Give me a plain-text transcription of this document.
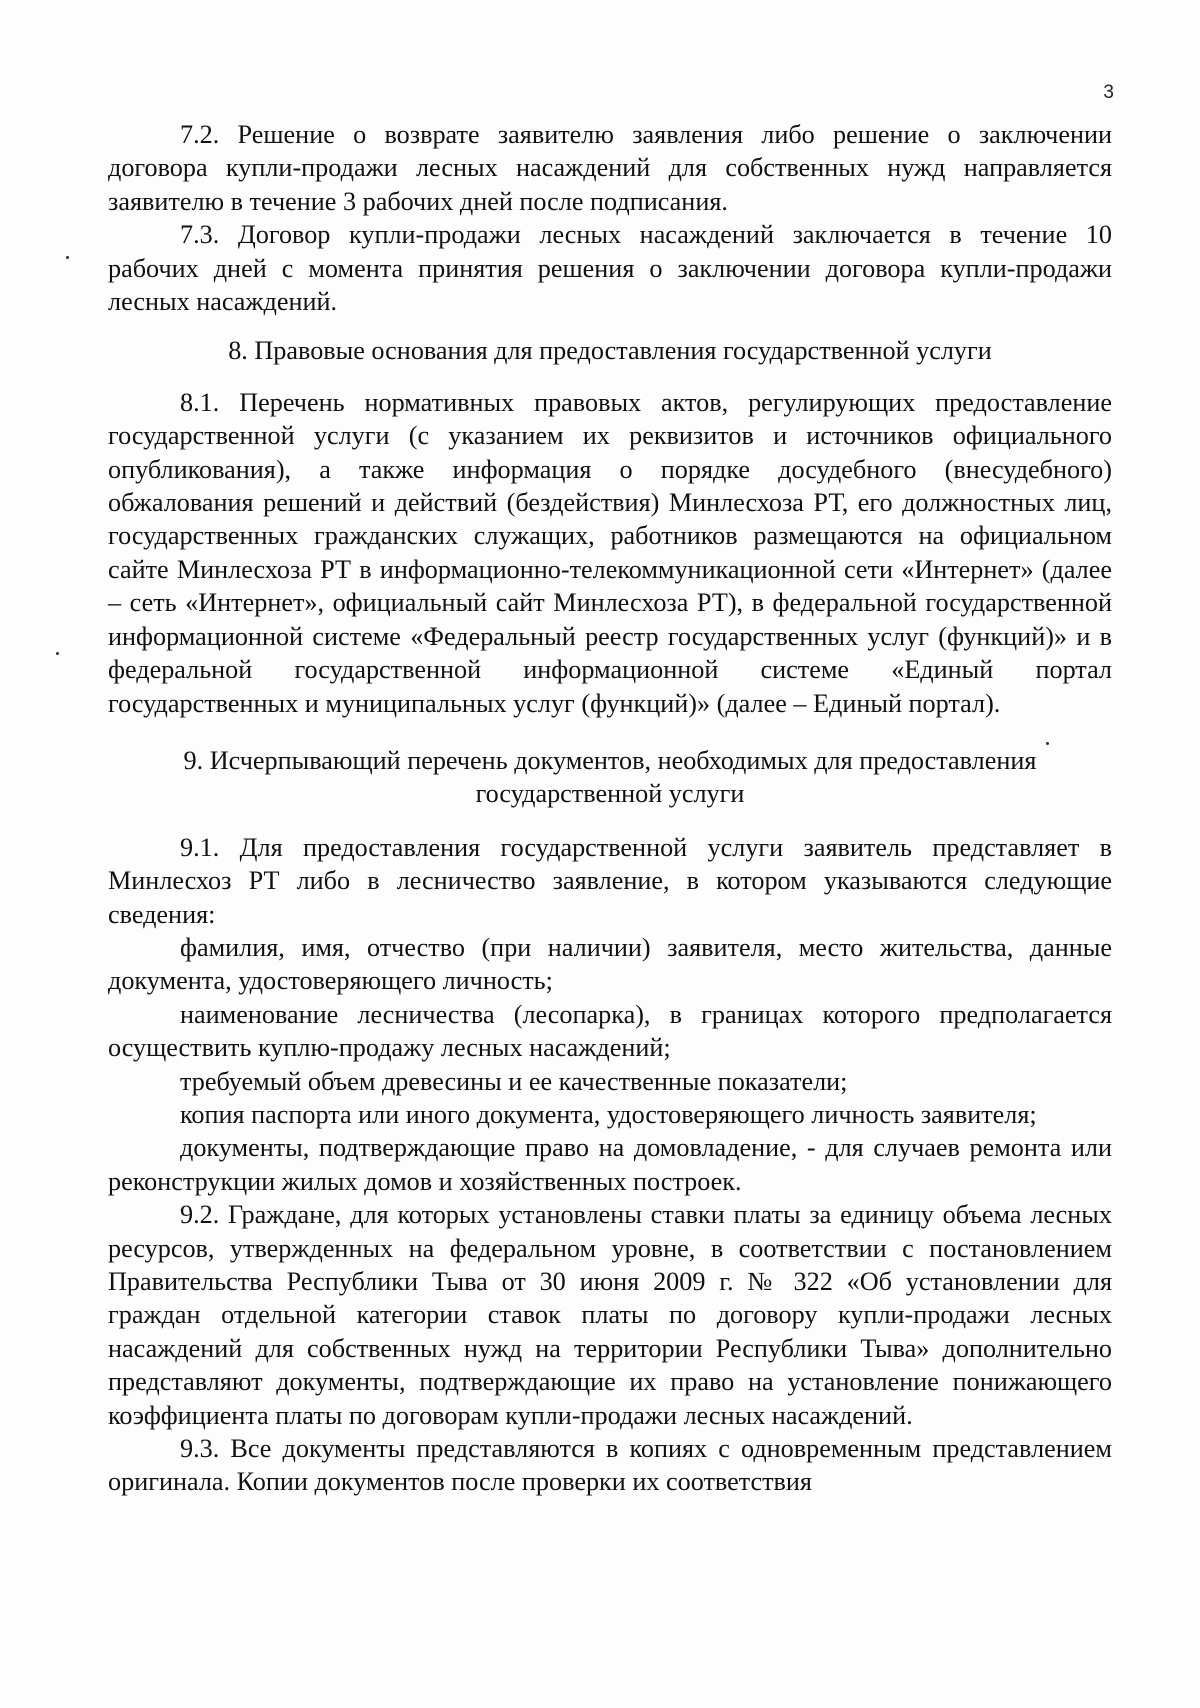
3

7.2. Решение о возврате заявителю заявления либо решение о заключении договора купли-продажи лесных насаждений для собственных нужд направляется заявителю в течение 3 рабочих дней после подписания.

7.3. Договор купли-продажи лесных насаждений заключается в течение 10 рабочих дней с момента принятия решения о заключении договора купли-продажи лесных насаждений.

8. Правовые основания для предоставления государственной услуги

8.1. Перечень нормативных правовых актов, регулирующих предоставление государственной услуги (с указанием их реквизитов и источников официального опубликования), а также информация о порядке досудебного (внесудебного) обжалования решений и действий (бездействия) Минлесхоза РТ, его должностных лиц, государственных гражданских служащих, работников размещаются на официальном сайте Минлесхоза РТ в информационно-телекоммуникационной сети «Интернет» (далее – сеть «Интернет», официальный сайт Минлесхоза РТ), в федеральной государственной информационной системе «Федеральный реестр государственных услуг (функций)» и в федеральной государственной информационной системе «Единый портал государственных и муниципальных услуг (функций)» (далее – Единый портал).

9. Исчерпывающий перечень документов, необходимых для предоставления
государственной услуги

9.1. Для предоставления государственной услуги заявитель представляет в Минлесхоз РТ либо в лесничество заявление, в котором указываются следующие сведения:

фамилия, имя, отчество (при наличии) заявителя, место жительства, данные документа, удостоверяющего личность;

наименование лесничества (лесопарка), в границах которого предполагается осуществить куплю-продажу лесных насаждений;

требуемый объем древесины и ее качественные показатели;

копия паспорта или иного документа, удостоверяющего личность заявителя;

документы, подтверждающие право на домовладение, - для случаев ремонта или реконструкции жилых домов и хозяйственных построек.

9.2. Граждане, для которых установлены ставки платы за единицу объема лесных ресурсов, утвержденных на федеральном уровне, в соответствии с постановлением Правительства Республики Тыва от 30 июня 2009 г. № 322 «Об установлении для граждан отдельной категории ставок платы по договору купли-продажи лесных насаждений для собственных нужд на территории Республики Тыва» дополнительно представляют документы, подтверждающие их право на установление понижающего коэффициента платы по договорам купли-продажи лесных насаждений.

9.3. Все документы представляются в копиях с одновременным представлением оригинала. Копии документов после проверки их соответствия
